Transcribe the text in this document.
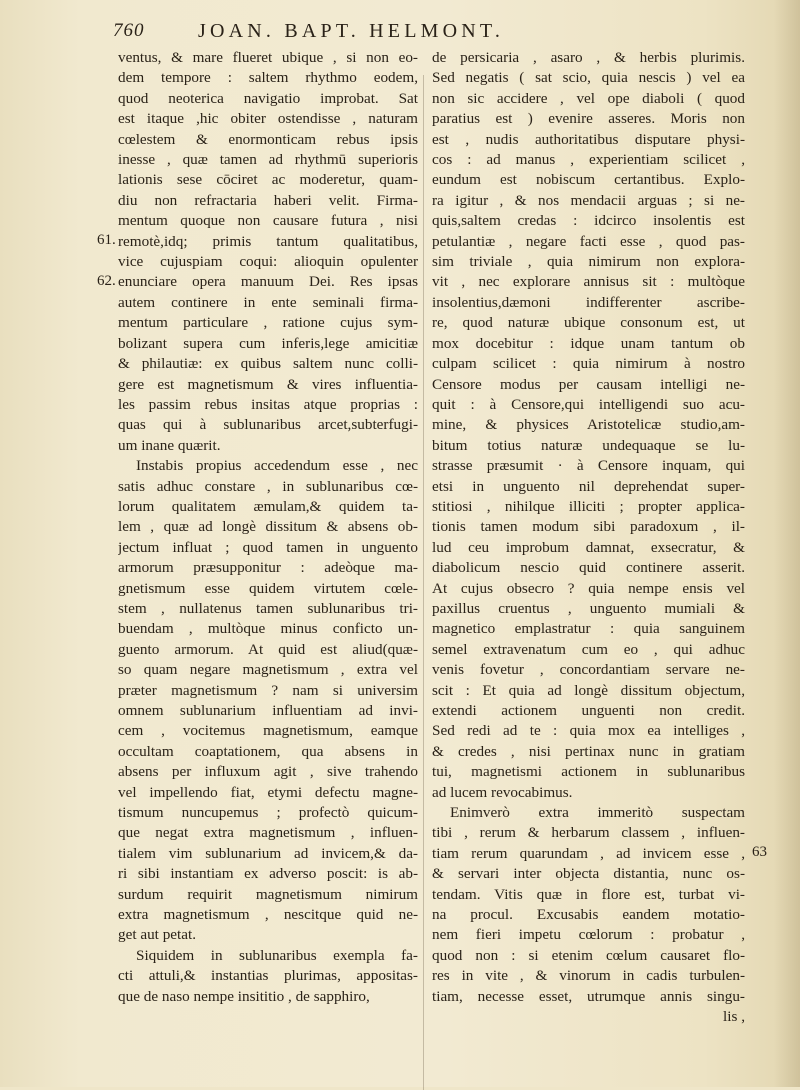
760	JOAN. BAPT. HELMONT.
61.
62.
63
ventus, & mare flueret ubique , si non eo-
dem tempore : saltem rhythmo eodem,
quod neoterica navigatio improbat. Sat
est itaque ,hic obiter ostendisse , naturam
cœlestem & enormonticam rebus ipsis
inesse , quæ tamen ad rhythmū superioris
lationis sese cōciret ac moderetur, quam-
diu non refractaria haberi velit. Firma-
mentum quoque non causare futura , nisi
remotè,idq; primis tantum qualitatibus,
vice cujuspiam coqui: alioquin opulenter
enunciare opera manuum Dei. Res ipsas
autem continere in ente seminali firma-
mentum particulare , ratione cujus sym-
bolizant supera cum inferis,lege amicitiæ
& philautiæ: ex quibus saltem nunc colli-
gere est magnetismum & vires influentia-
les passim rebus insitas atque proprias :
quas qui à sublunaribus arcet,subterfugi-
um inane quærit.
Instabis propius accedendum esse , nec
satis adhuc constare , in sublunaribus cœ-
lorum qualitatem æmulam,& quidem ta-
lem , quæ ad longè dissitum & absens ob-
jectum influat ; quod tamen in unguento
armorum præsupponitur : adeòque ma-
gnetismum esse quidem virtutem cœle-
stem , nullatenus tamen sublunaribus tri-
buendam , multòque minus confictо un-
guento armorum. At quid est aliud(quæ-
so quam negare magnetismum , extra vel
præter magnetismum ? nam si universim
omnem sublunarium influentiam ad invi-
cem , vocitemus magnetismum, eamque
occultam coaptationem, qua absens in
absens per influxum agit , sive trahendo
vel impellendo fiat, etymi defectu magne-
tismum nuncupemus ; profectò quicum-
que negat extra magnetismum , influen-
tialem vim sublunarium ad invicem,& da-
ri sibi instantiam ex adverso poscit: is ab-
surdum requirit magnetismum nimirum
extra magnetismum , nescitque quid ne-
get aut petat.
Siquidem in sublunaribus exempla fa-
cti attuli,& instantias plurimas, appositas-
que de naso nempe insititio , de sapphiro,
de persicaria , asaro , & herbis plurimis.
Sed negatis ( sat scio, quia nescis ) vel ea
non sic accidere , vel ope diaboli ( quod
paratius est ) evenire asseres. Moris non
est , nudis authoritatibus disputare physi-
cos : ad manus , experientiam scilicet ,
eundum est nobiscum certantibus. Explo-
ra igitur , & nos mendacii arguas ; si ne-
quis,saltem credas : idcirco insolentis est
petulantiæ , negare facti esse , quod pas-
sim triviale , quia nimirum non explora-
vit , nec explorare annisus sit : multòque
insolentius,dæmoni indifferenter ascribe-
re, quod naturæ ubique consonum est, ut
mox docebitur : idque unam tantum ob
culpam scilicet : quia nimirum à nostro
Censore modus per causam intelligi ne-
quit : à Censore,qui intelligendi suo acu-
mine, & physices Aristotelicæ studio,am-
bitum totius naturæ undequaque se lu-
strasse præsumit · à Censore inquam, qui
etsi in unguento nil deprehendat super-
stitiosi , nihilque illiciti ; propter applica-
tionis tamen modum sibi paradoxum , il-
lud ceu improbum damnat, exsecratur, &
diabolicum nescio quid continere asserit.
At cujus obsecro ? quia nempe ensis vel
paxillus cruentus , unguento mumiali &
magnetico emplastratur : quia sanguinem
semel extravenatum cum eo , qui adhuc
venis fovetur , concordantiam servare ne-
scit : Et quia ad longè dissitum objectum,
extendi actionem unguenti non credit.
Sed redi ad te : quia mox ea intelliges ,
& credes , nisi pertinax nunc in gratiam
tui, magnetismi actionem in sublunaribus
ad lucem revocabimus.
Enimverò extra immeritò suspectam
tibi , rerum & herbarum classem , influen-
tiam rerum quarundam , ad invicem esse ,
& servari inter objecta distantia, nunc os-
tendam. Vitis quæ in flore est, turbat vi-
na procul. Excusabis eandem motatio-
nem fieri impetu cœlorum : probatur ,
quod non : si etenim cœlum causaret flo-
res in vite , & vinorum in cadis turbulen-
tiam, necesse esset, utrumque annis singu-
lis ,
